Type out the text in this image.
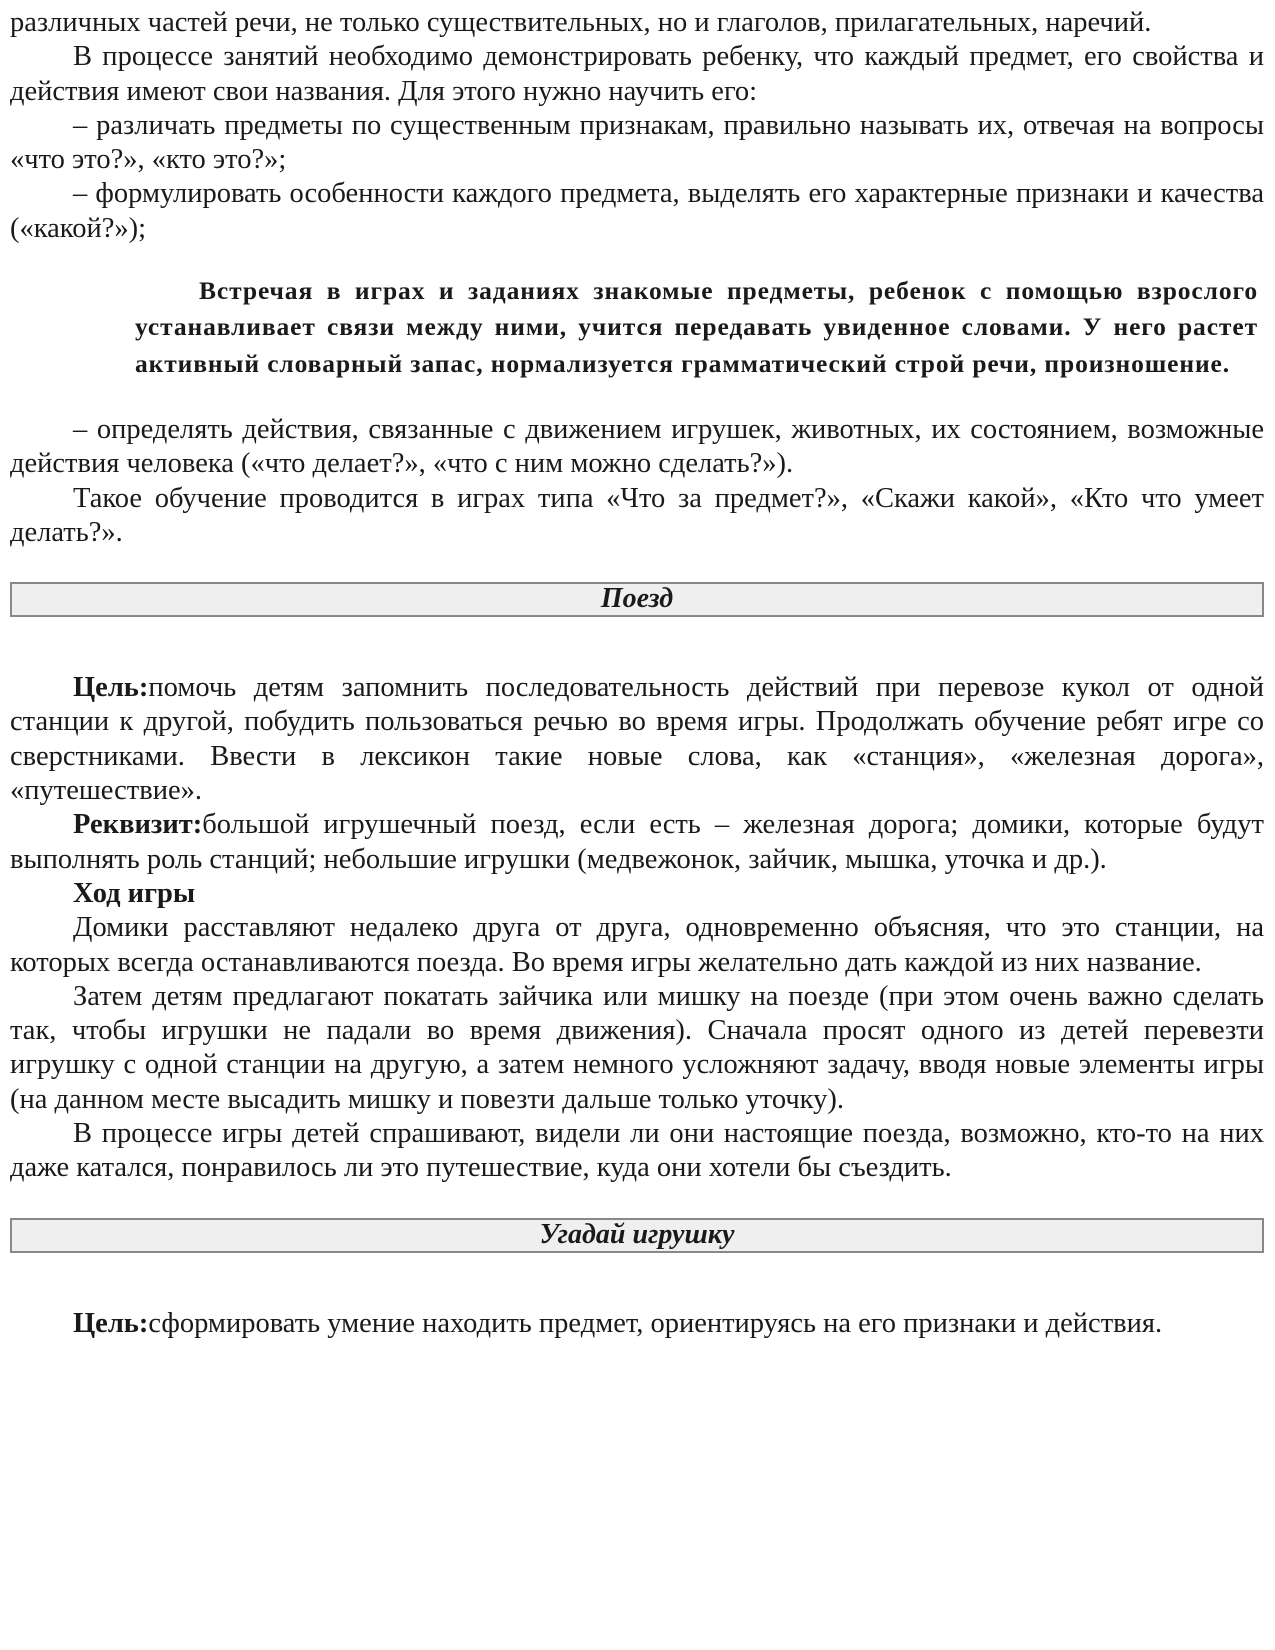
различных частей речи, не только существительных, но и глаголов, прилагательных, наречий.

В процессе занятий необходимо демонстрировать ребенку, что каждый предмет, его свойства и действия имеют свои названия. Для этого нужно научить его:

– различать предметы по существенным признакам, правильно называть их, отвечая на вопросы «что это?», «кто это?»;

– формулировать особенности каждого предмета, выделять его характерные признаки и качества («какой?»);

Встречая в играх и заданиях знакомые предметы, ребенок с помощью взрослого устанавливает связи между ними, учится передавать увиденное словами. У него растет активный словарный запас, нормализуется грамматический строй речи, произношение.

– определять действия, связанные с движением игрушек, животных, их состоянием, возможные действия человека («что делает?», «что с ним можно сделать?»).

Такое обучение проводится в играх типа «Что за предмет?», «Скажи какой», «Кто что умеет делать?».

Поезд

Цель:помочь детям запомнить последовательность действий при перевозе кукол от одной станции к другой, побудить пользоваться речью во время игры. Продолжать обучение ребят игре со сверстниками. Ввести в лексикон такие новые слова, как «станция», «железная дорога», «путешествие».

Реквизит:большой игрушечный поезд, если есть – железная дорога; домики, которые будут выполнять роль станций; небольшие игрушки (медвежонок, зайчик, мышка, уточка и др.).

Ход игры

Домики расставляют недалеко друга от друга, одновременно объясняя, что это станции, на которых всегда останавливаются поезда. Во время игры желательно дать каждой из них название.

Затем детям предлагают покатать зайчика или мишку на поезде (при этом очень важно сделать так, чтобы игрушки не падали во время движения). Сначала просят одного из детей перевезти игрушку с одной станции на другую, а затем немного усложняют задачу, вводя новые элементы игры (на данном месте высадить мишку и повезти дальше только уточку).

В процессе игры детей спрашивают, видели ли они настоящие поезда, возможно, кто-то на них даже катался, понравилось ли это путешествие, куда они хотели бы съездить.

Угадай игрушку

Цель:сформировать умение находить предмет, ориентируясь на его признаки и действия.
